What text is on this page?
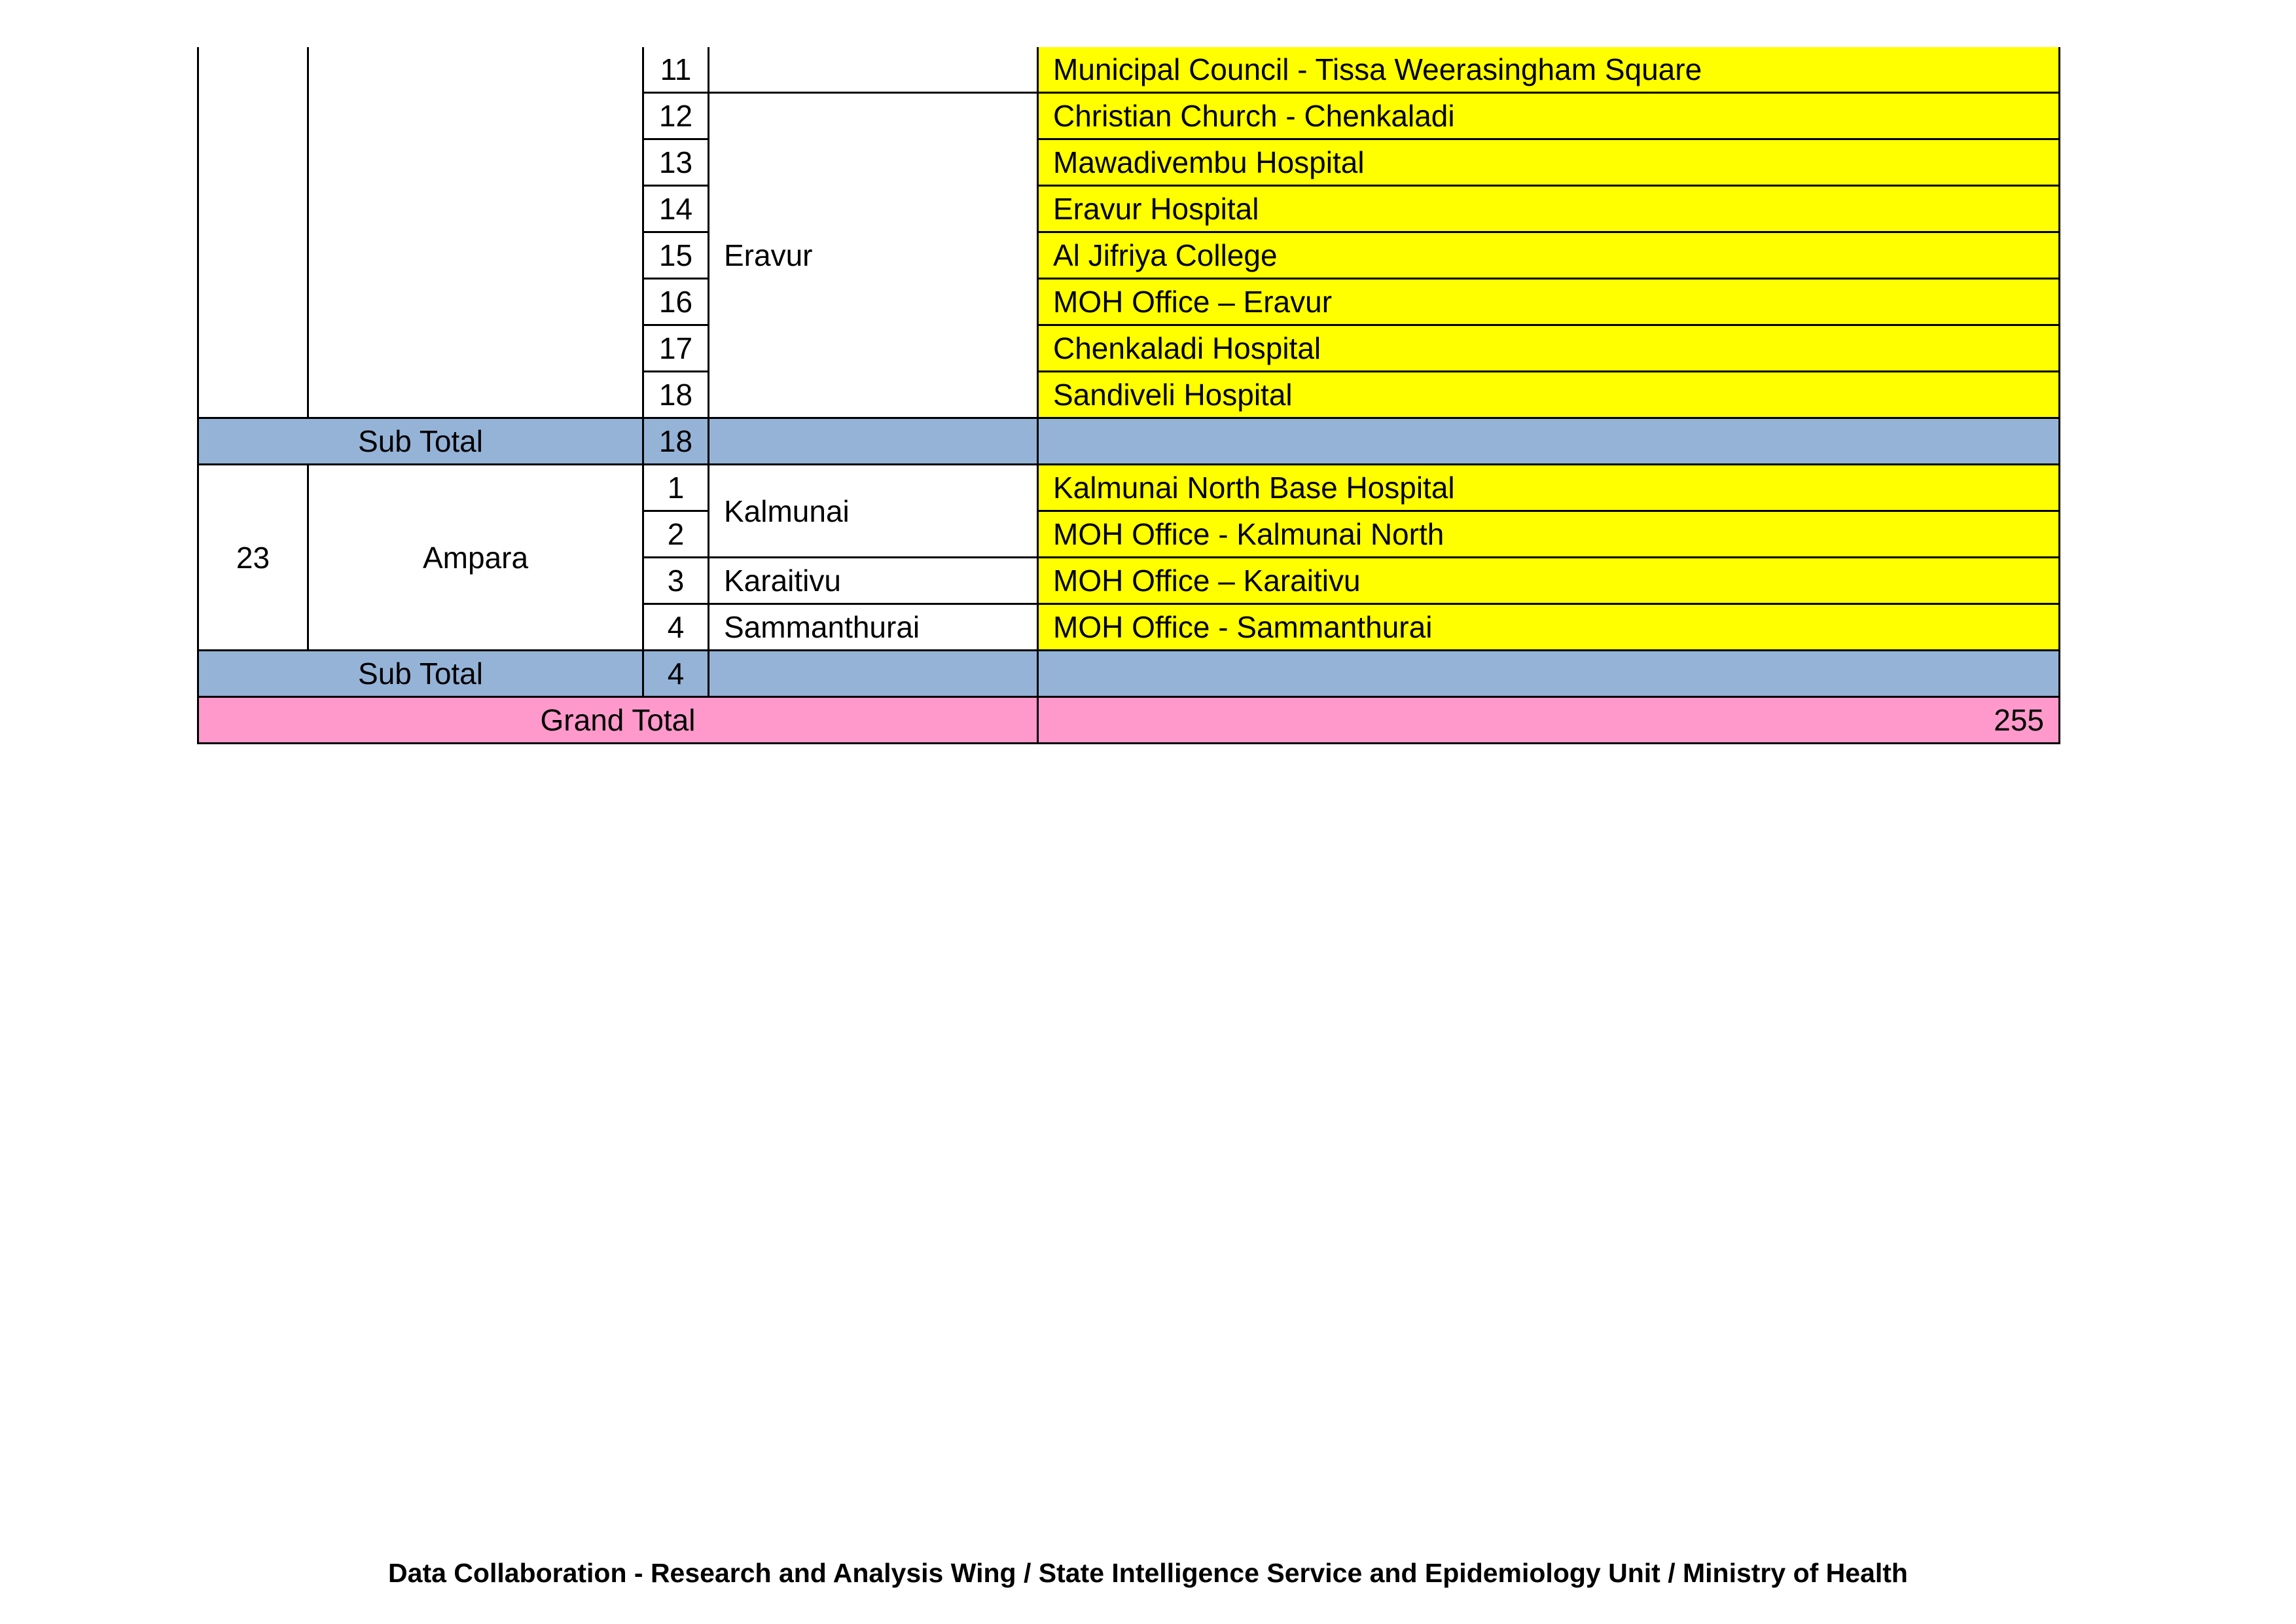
		11		Municipal Council - Tissa Weerasingham Square
		12	Eravur	Christian Church - Chenkaladi
		13		Mawadivembu Hospital
		14		Eravur Hospital
		15		Al Jifriya College
		16		MOH Office – Eravur
		17		Chenkaladi Hospital
		18		Sandiveli Hospital
Sub Total		18		
23	Ampara	1	Kalmunai	Kalmunai North Base Hospital
		2		MOH Office - Kalmunai North
		3	Karaitivu	MOH Office – Karaitivu
		4	Sammanthurai	MOH Office - Sammanthurai
Sub Total		4		
Grand Total				255
Data Collaboration - Research and Analysis Wing / State Intelligence Service and Epidemiology Unit / Ministry of Health
